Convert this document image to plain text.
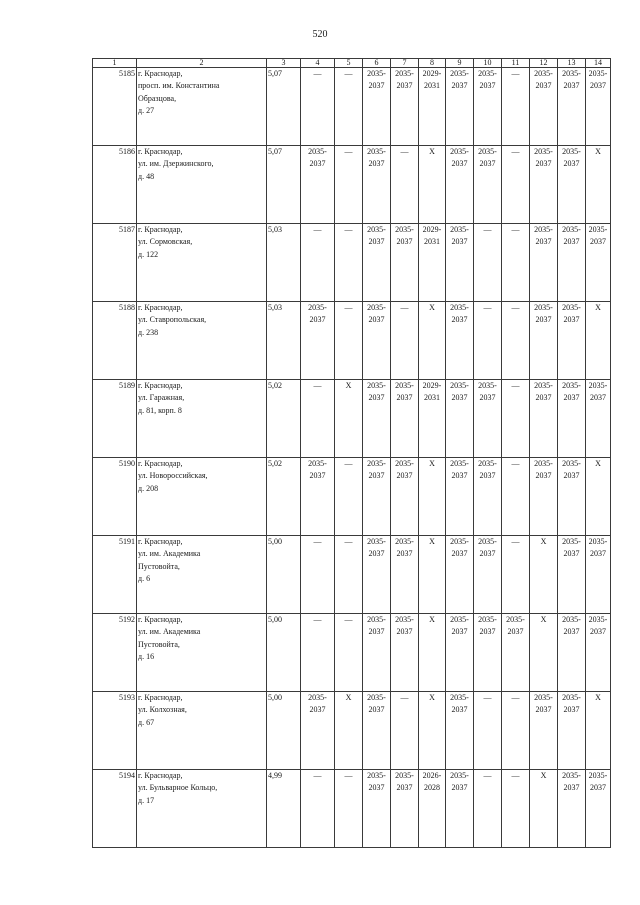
520
1	2	3	4	5	6	7	8	9	10	11	12	13	14
5185	г. Краснодар,
просп. им. Константина
Образцова,
д. 27	5,07	—	—	2035-2037	2035-2037	2029-2031	2035-2037	2035-2037	—	2035-2037	2035-2037	2035-2037
5186	г. Краснодар,
ул. им. Дзержинского,
д. 48	5,07	2035-2037	—	2035-2037	—	X	2035-2037	2035-2037	—	2035-2037	2035-2037	X
5187	г. Краснодар,
ул. Сормовская,
д. 122	5,03	—	—	2035-2037	2035-2037	2029-2031	2035-2037	—	—	2035-2037	2035-2037	2035-2037
5188	г. Краснодар,
ул. Ставропольская,
д. 238	5,03	2035-2037	—	2035-2037	—	X	2035-2037	—	—	2035-2037	2035-2037	X
5189	г. Краснодар,
ул. Гаражная,
д. 81, корп. 8	5,02	—	X	2035-2037	2035-2037	2029-2031	2035-2037	2035-2037	—	2035-2037	2035-2037	2035-2037
5190	г. Краснодар,
ул. Новороссийская,
д. 208	5,02	2035-2037	—	2035-2037	2035-2037	X	2035-2037	2035-2037	—	2035-2037	2035-2037	X
5191	г. Краснодар,
ул. им. Академика
Пустовойта,
д. 6	5,00	—	—	2035-2037	2035-2037	X	2035-2037	2035-2037	—	X	2035-2037	2035-2037
5192	г. Краснодар,
ул. им. Академика
Пустовойта,
д. 16	5,00	—	—	2035-2037	2035-2037	X	2035-2037	2035-2037	2035-2037	X	2035-2037	2035-2037
5193	г. Краснодар,
ул. Колхозная,
д. 67	5,00	2035-2037	X	2035-2037	—	X	2035-2037	—	—	2035-2037	2035-2037	X
5194	г. Краснодар,
ул. Бульварное Кольцо,
д. 17	4,99	—	—	2035-2037	2035-2037	2026-2028	2035-2037	—	—	X	2035-2037	2035-2037
